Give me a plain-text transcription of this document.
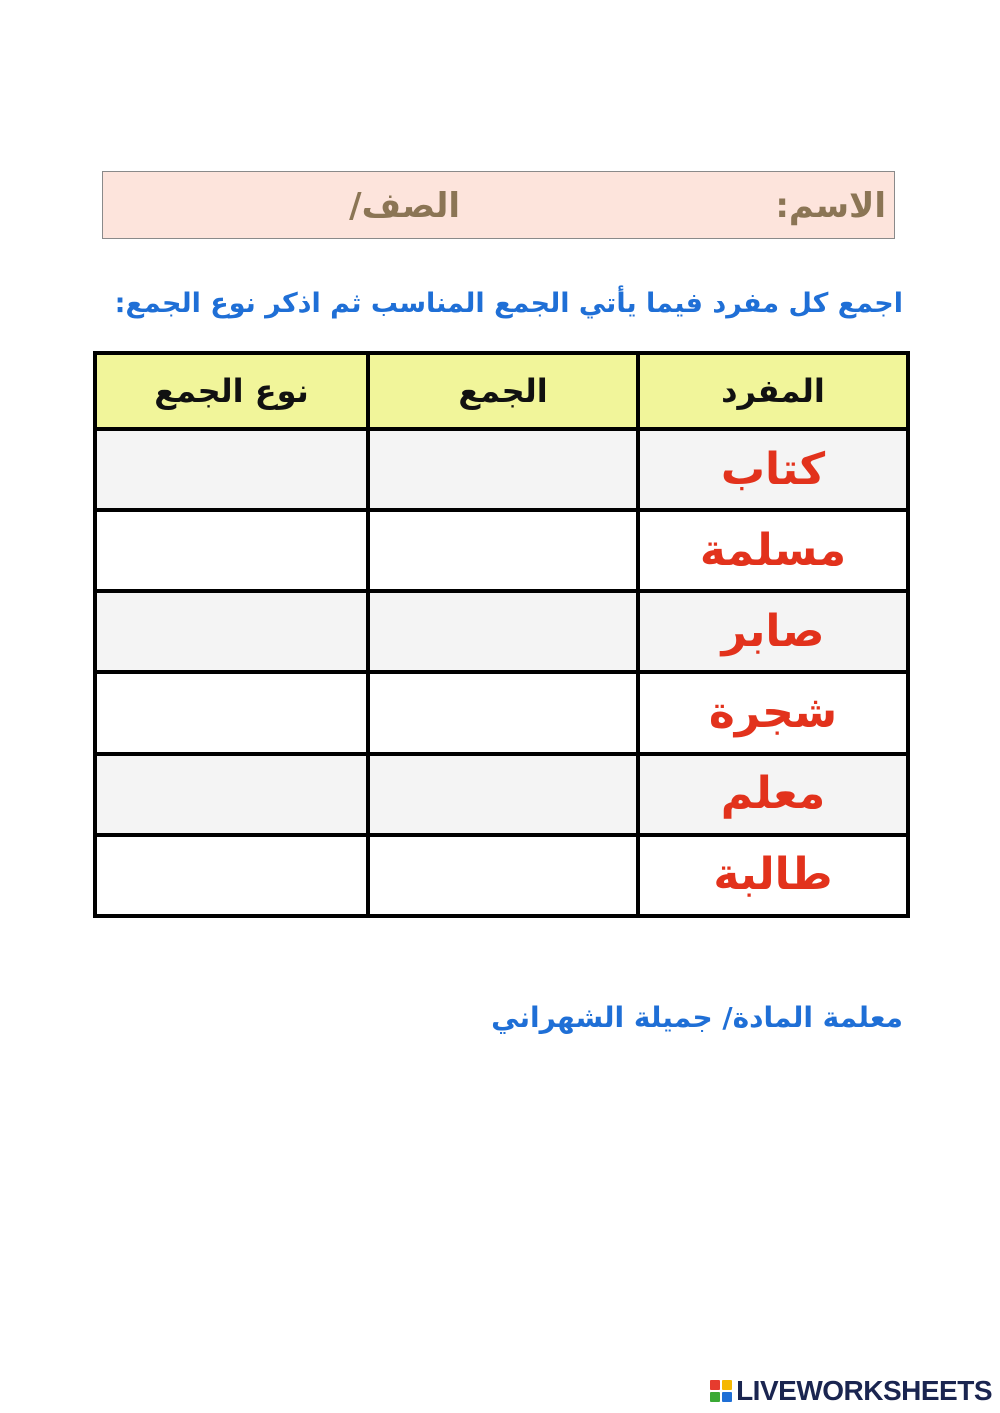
الاسم:
الصف/
اجمع كل مفرد فيما يأتي الجمع المناسب ثم اذكر نوع الجمع:
المفرد	الجمع	نوع الجمع
كتاب		
مسلمة		
صابر		
شجرة		
معلم		
طالبة		
معلمة المادة/ جميلة الشهراني
LIVEWORKSHEETS
